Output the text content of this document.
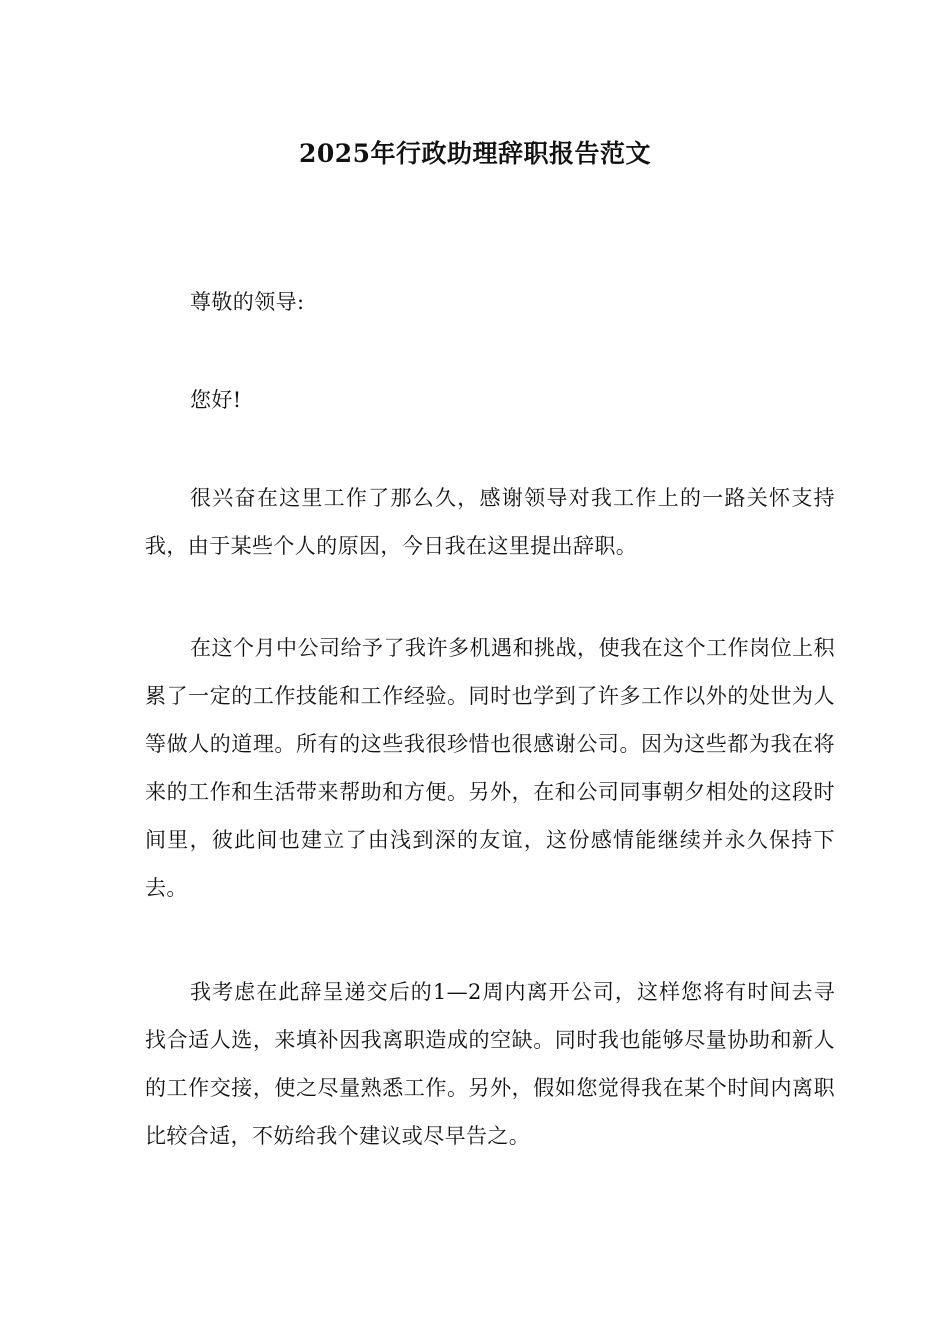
2025年行政助理辞职报告范文

尊敬的领导:

您好!

很兴奋在这里工作了那么久，感谢领导对我工作上的一路关怀支持我，由于某些个人的原因，今日我在这里提出辞职。

在这个月中公司给予了我许多机遇和挑战，使我在这个工作岗位上积累了一定的工作技能和工作经验。同时也学到了许多工作以外的处世为人等做人的道理。所有的这些我很珍惜也很感谢公司。因为这些都为我在将来的工作和生活带来帮助和方便。另外，在和公司同事朝夕相处的这段时间里，彼此间也建立了由浅到深的友谊，这份感情能继续并永久保持下去。

我考虑在此辞呈递交后的1—2周内离开公司，这样您将有时间去寻找合适人选，来填补因我离职造成的空缺。同时我也能够尽量协助和新人的工作交接，使之尽量熟悉工作。另外，假如您觉得我在某个时间内离职比较合适，不妨给我个建议或尽早告之。
